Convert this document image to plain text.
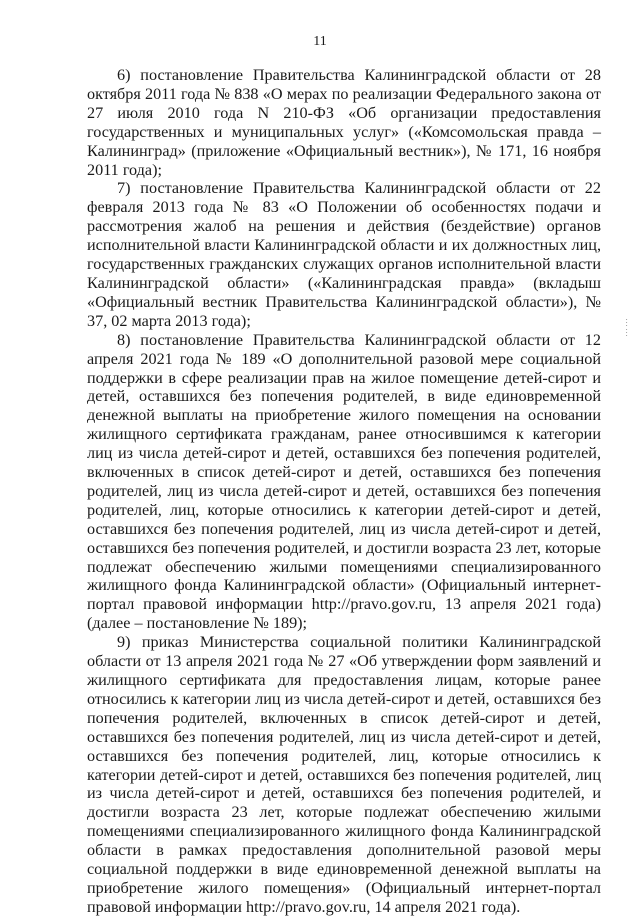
11

6) постановление Правительства Калининградской области от 28 октября 2011 года № 838 «О мерах по реализации Федерального закона от 27 июля 2010 года N 210-ФЗ «Об организации предоставления государственных и муниципальных услуг» («Комсомольская правда – Калининград» (приложение «Официальный вестник»), № 171, 16 ноября 2011 года);

7) постановление Правительства Калининградской области от 22 февраля 2013 года № 83 «О Положении об особенностях подачи и рассмотрения жалоб на решения и действия (бездействие) органов исполнительной власти Калининградской области и их должностных лиц, государственных гражданских служащих органов исполнительной власти Калининградской области» («Калининградская правда» (вкладыш «Официальный вестник Правительства Калининградской области»), № 37, 02 марта 2013 года);

8) постановление Правительства Калининградской области от 12 апреля 2021 года № 189 «О дополнительной разовой мере социальной поддержки в сфере реализации прав на жилое помещение детей-сирот и детей, оставшихся без попечения родителей, в виде единовременной денежной выплаты на приобретение жилого помещения на основании жилищного сертификата гражданам, ранее относившимся к категории лиц из числа детей-сирот и детей, оставшихся без попечения родителей, включенных в список детей-сирот и детей, оставшихся без попечения родителей, лиц из числа детей-сирот и детей, оставшихся без попечения родителей, лиц, которые относились к категории детей-сирот и детей, оставшихся без попечения родителей, лиц из числа детей-сирот и детей, оставшихся без попечения родителей, и достигли возраста 23 лет, которые подлежат обеспечению жилыми помещениями специализированного жилищного фонда Калининградской области» (Официальный интернет-портал правовой информации http://pravo.gov.ru, 13 апреля 2021 года) (далее – постановление № 189);

9) приказ Министерства социальной политики Калининградской области от 13 апреля 2021 года № 27 «Об утверждении форм заявлений и жилищного сертификата для предоставления лицам, которые ранее относились к категории лиц из числа детей-сирот и детей, оставшихся без попечения родителей, включенных в список детей-сирот и детей, оставшихся без попечения родителей, лиц из числа детей-сирот и детей, оставшихся без попечения родителей, лиц, которые относились к категории детей-сирот и детей, оставшихся без попечения родителей, лиц из числа детей-сирот и детей, оставшихся без попечения родителей, и достигли возраста 23 лет, которые подлежат обеспечению жилыми помещениями специализированного жилищного фонда Калининградской области в рамках предоставления дополнительной разовой меры социальной поддержки в виде единовременной денежной выплаты на приобретение жилого помещения» (Официальный интернет-портал правовой информации http://pravo.gov.ru, 14 апреля 2021 года).

……
